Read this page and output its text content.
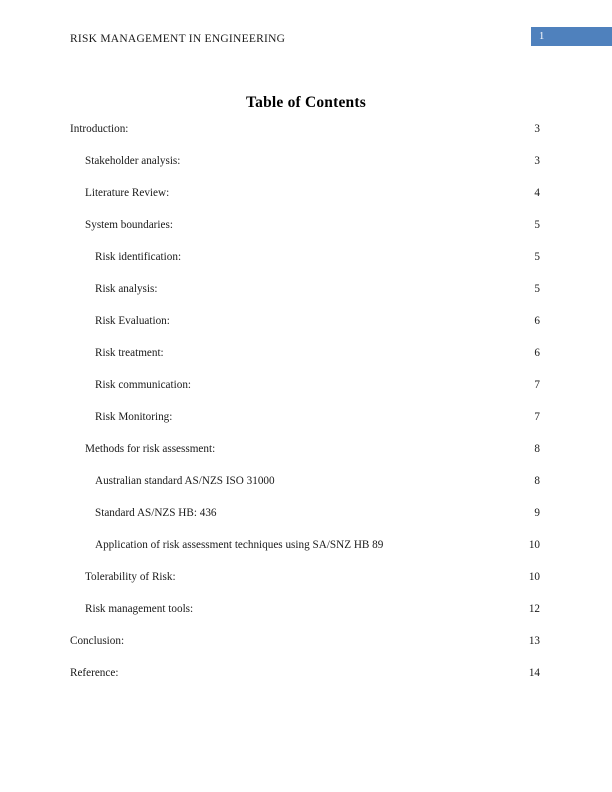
RISK MANAGEMENT IN ENGINEERING	1
Table of Contents
Introduction: .....	3
Stakeholder analysis: .....	3
Literature Review: .....	4
System boundaries: .....	5
Risk identification: .....	5
Risk analysis: .....	5
Risk Evaluation: .....	6
Risk treatment: .....	6
Risk communication: .....	7
Risk Monitoring: .....	7
Methods for risk assessment: .....	8
Australian standard AS/NZS ISO 31000 .....	8
Standard AS/NZS HB: 436 .....	9
Application of risk assessment techniques using SA/SNZ HB 89 .....	10
Tolerability of Risk: .....	10
Risk management tools: .....	12
Conclusion: .....	13
Reference: .....	14
